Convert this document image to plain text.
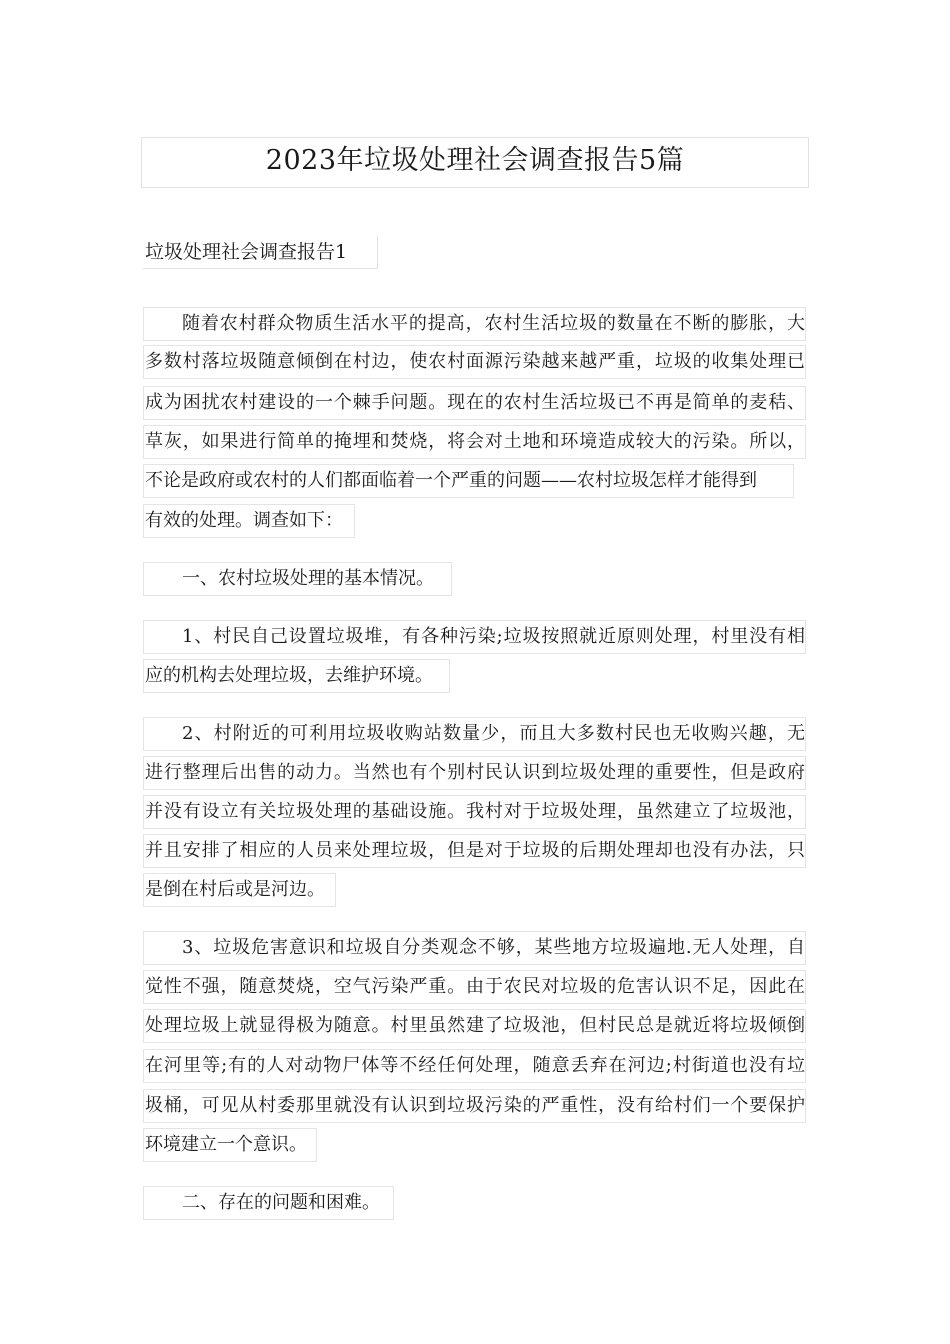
2023年垃圾处理社会调查报告5篇
垃圾处理社会调查报告1
随着农村群众物质生活水平的提高，农村生活垃圾的数量在不断的膨胀，大
多数村落垃圾随意倾倒在村边，使农村面源污染越来越严重，垃圾的收集处理已
成为困扰农村建设的一个棘手问题。现在的农村生活垃圾已不再是简单的麦秸、
草灰，如果进行简单的掩埋和焚烧，将会对土地和环境造成较大的污染。所以，
不论是政府或农村的人们都面临着一个严重的问题——农村垃圾怎样才能得到
有效的处理。调查如下：
一、农村垃圾处理的基本情况。
1、村民自己设置垃圾堆，有各种污染;垃圾按照就近原则处理，村里没有相
应的机构去处理垃圾，去维护环境。
2、村附近的可利用垃圾收购站数量少，而且大多数村民也无收购兴趣，无
进行整理后出售的动力。当然也有个别村民认识到垃圾处理的重要性，但是政府
并没有设立有关垃圾处理的基础设施。我村对于垃圾处理，虽然建立了垃圾池，
并且安排了相应的人员来处理垃圾，但是对于垃圾的后期处理却也没有办法，只
是倒在村后或是河边。
3、垃圾危害意识和垃圾自分类观念不够，某些地方垃圾遍地.无人处理，自
觉性不强，随意焚烧，空气污染严重。由于农民对垃圾的危害认识不足，因此在
处理垃圾上就显得极为随意。村里虽然建了垃圾池，但村民总是就近将垃圾倾倒
在河里等;有的人对动物尸体等不经任何处理，随意丢弃在河边;村街道也没有垃
圾桶，可见从村委那里就没有认识到垃圾污染的严重性，没有给村们一个要保护
环境建立一个意识。
二、存在的问题和困难。
